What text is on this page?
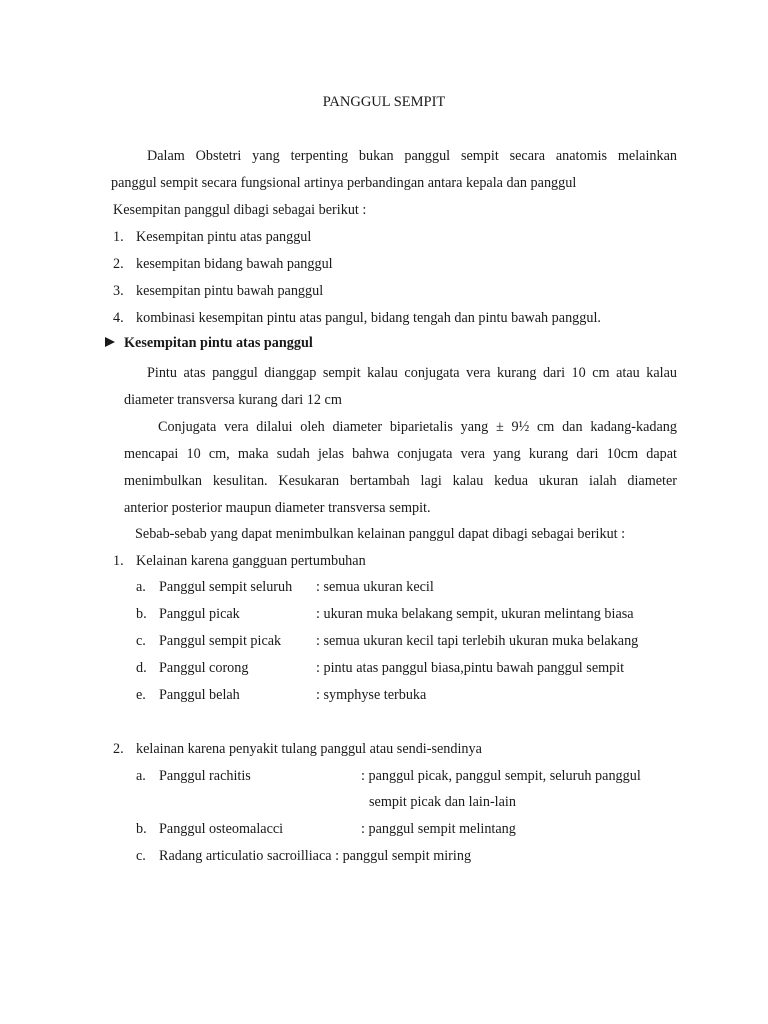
PANGGUL SEMPIT
Dalam Obstetri yang terpenting bukan panggul sempit secara anatomis melainkan
panggul sempit secara fungsional artinya perbandingan antara kepala dan panggul
Kesempitan panggul dibagi sebagai berikut :
1. Kesempitan pintu atas panggul
2. kesempitan bidang bawah panggul
3. kesempitan pintu bawah panggul
4. kombinasi kesempitan pintu atas pangul, bidang tengah dan pintu bawah panggul.
Kesempitan pintu atas panggul
Pintu atas panggul dianggap sempit kalau conjugata vera kurang dari 10 cm atau kalau
diameter transversa kurang dari 12 cm
Conjugata vera dilalui oleh diameter biparietalis yang ± 9½ cm dan kadang-kadang
mencapai 10 cm, maka sudah jelas bahwa conjugata vera yang kurang dari 10cm dapat
menimbulkan kesulitan. Kesukaran bertambah lagi kalau kedua ukuran ialah diameter
anterior posterior maupun diameter transversa sempit.
Sebab-sebab yang dapat menimbulkan kelainan panggul dapat dibagi sebagai berikut :
1. Kelainan karena gangguan pertumbuhan
a. Panggul sempit seluruh : semua ukuran kecil
b. Panggul picak	: ukuran muka belakang sempit, ukuran melintang biasa
c. Panggul sempit picak : semua ukuran kecil tapi terlebih ukuran muka belakang
d. Panggul corong	: pintu atas panggul biasa,pintu bawah panggul sempit
e. Panggul belah	: symphyse terbuka
2. kelainan karena penyakit tulang panggul atau sendi-sendinya
a. Panggul rachitis	: panggul picak, panggul sempit, seluruh panggul
sempit picak dan lain-lain
b. Panggul osteomalacci	: panggul sempit melintang
c. Radang articulatio sacroilliaca : panggul sempit miring
